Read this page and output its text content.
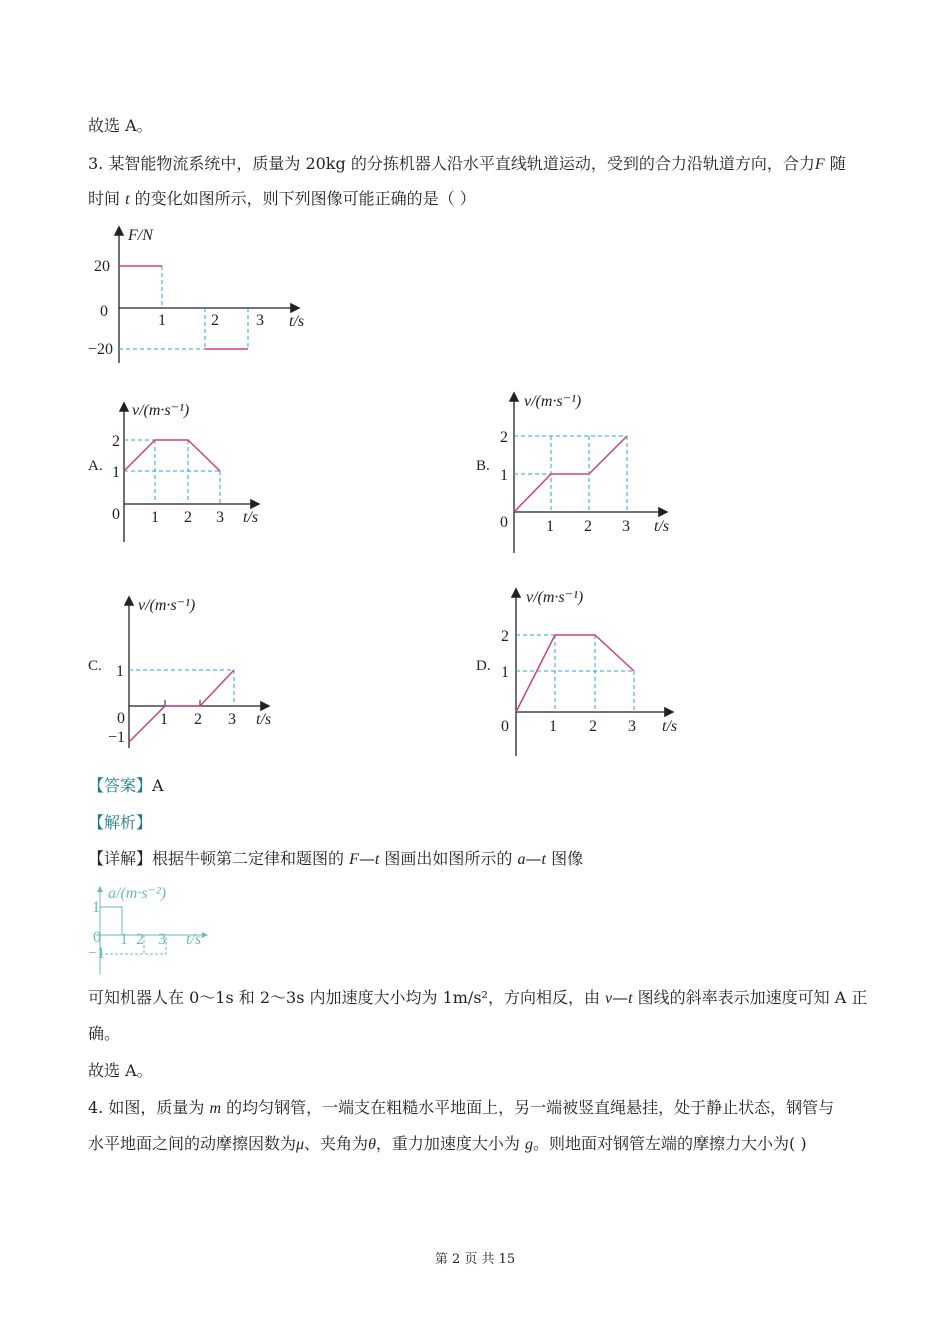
故选 A。
3. 某智能物流系统中，质量为 20kg 的分拣机器人沿水平直线轨道运动，受到的合力沿轨道方向，合力F 随
时间 t 的变化如图所示，则下列图像可能正确的是（ ）
F/N
20
0
−20
1	2 3 t/s
A.
v/(m·s⁻¹)
2
1
0 1 2 3 t/s
B.
v/(m·s⁻¹)
2
1
0 1 2 3 t/s
C.
v/(m·s⁻¹)
1
0
−1
1 2 3 t/s
D.
v/(m·s⁻¹)
2
1
0	1 2 3 t/s
【答案】A
【解析】
【详解】根据牛顿第二定律和题图的 F—t 图画出如图所示的 a—t 图像
a/(m·s⁻²)
1
0
−1
1 2 3 t/s
可知机器人在 0～1s 和 2～3s 内加速度大小均为 1m/s²，方向相反，由 v—t 图线的斜率表示加速度可知 A 正
确。
故选 A。
4. 如图，质量为 m 的均匀钢管，一端支在粗糙水平地面上，另一端被竖直绳悬挂，处于静止状态，钢管与
水平地面之间的动摩擦因数为μ、夹角为θ，重力加速度大小为 g。则地面对钢管左端的摩擦力大小为( )
第 2 页 共 15
